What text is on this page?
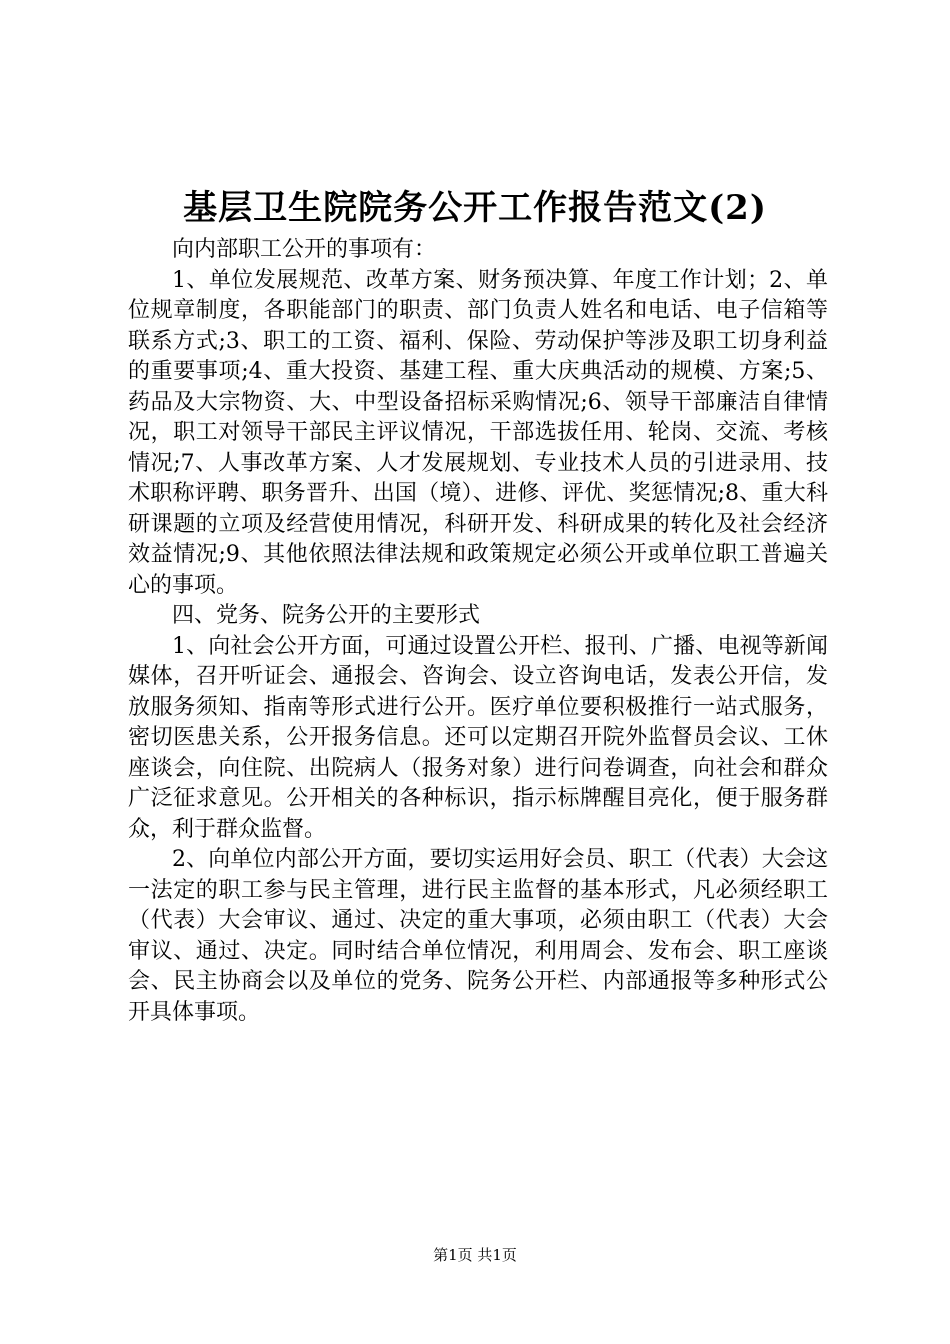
基层卫生院院务公开工作报告范文(2)

向内部职工公开的事项有：

1、单位发展规范、改革方案、财务预决算、年度工作计划；2、单位规章制度，各职能部门的职责、部门负责人姓名和电话、电子信箱等联系方式;3、职工的工资、福利、保险、劳动保护等涉及职工切身利益的重要事项;4、重大投资、基建工程、重大庆典活动的规模、方案;5、药品及大宗物资、大、中型设备招标采购情况;6、领导干部廉洁自律情况，职工对领导干部民主评议情况，干部选拔任用、轮岗、交流、考核情况;7、人事改革方案、人才发展规划、专业技术人员的引进录用、技术职称评聘、职务晋升、出国（境）、进修、评优、奖惩情况;8、重大科研课题的立项及经营使用情况，科研开发、科研成果的转化及社会经济效益情况;9、其他依照法律法规和政策规定必须公开或单位职工普遍关心的事项。

四、党务、院务公开的主要形式

1、向社会公开方面，可通过设置公开栏、报刊、广播、电视等新闻媒体，召开听证会、通报会、咨询会、设立咨询电话，发表公开信，发放服务须知、指南等形式进行公开。医疗单位要积极推行一站式服务，密切医患关系，公开报务信息。还可以定期召开院外监督员会议、工休座谈会，向住院、出院病人（报务对象）进行问卷调查，向社会和群众广泛征求意见。公开相关的各种标识，指示标牌醒目亮化，便于服务群众，利于群众监督。

2、向单位内部公开方面，要切实运用好会员、职工（代表）大会这一法定的职工参与民主管理，进行民主监督的基本形式，凡必须经职工（代表）大会审议、通过、决定的重大事项，必须由职工（代表）大会审议、通过、决定。同时结合单位情况，利用周会、发布会、职工座谈会、民主协商会以及单位的党务、院务公开栏、内部通报等多种形式公开具体事项。

第1页 共1页
